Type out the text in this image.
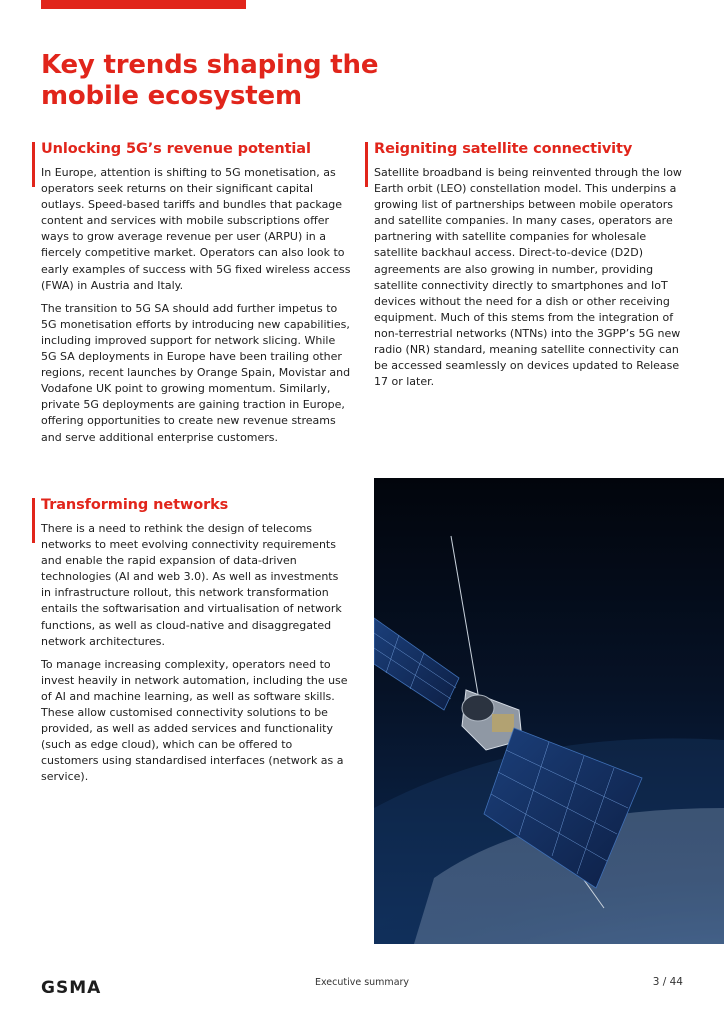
Key trends shaping the mobile ecosystem
Unlocking 5G’s revenue potential

In Europe, attention is shifting to 5G monetisation, as operators seek returns on their significant capital outlays. Speed-based tariffs and bundles that package content and services with mobile subscriptions offer ways to grow average revenue per user (ARPU) in a fiercely competitive market. Operators can also look to early examples of success with 5G fixed wireless access (FWA) in Austria and Italy.

The transition to 5G SA should add further impetus to 5G monetisation efforts by introducing new capabilities, including improved support for network slicing. While 5G SA deployments in Europe have been trailing other regions, recent launches by Orange Spain, Movistar and Vodafone UK point to growing momentum. Similarly, private 5G deployments are gaining traction in Europe, offering opportunities to create new revenue streams and serve additional enterprise customers.

Reigniting satellite connectivity

Satellite broadband is being reinvented through the low Earth orbit (LEO) constellation model. This underpins a growing list of partnerships between mobile operators and satellite companies. In many cases, operators are partnering with satellite companies for wholesale satellite backhaul access. Direct-to-device (D2D) agreements are also growing in number, providing satellite connectivity directly to smartphones and IoT devices without the need for a dish or other receiving equipment. Much of this stems from the integration of non-terrestrial networks (NTNs) into the 3GPP’s 5G new radio (NR) standard, meaning satellite connectivity can be accessed seamlessly on devices updated to Release 17 or later.

Transforming networks

There is a need to rethink the design of telecoms networks to meet evolving connectivity requirements and enable the rapid expansion of data-driven technologies (AI and web 3.0). As well as investments in infrastructure rollout, this network transformation entails the softwarisation and virtualisation of network functions, as well as cloud-native and disaggregated network architectures.

To manage increasing complexity, operators need to invest heavily in network automation, including the use of AI and machine learning, as well as software skills. These allow customised connectivity solutions to be provided, as well as added services and functionality (such as edge cloud), which can be offered to customers using standardised interfaces (network as a service).

GSMA	Executive summary	3 / 44
